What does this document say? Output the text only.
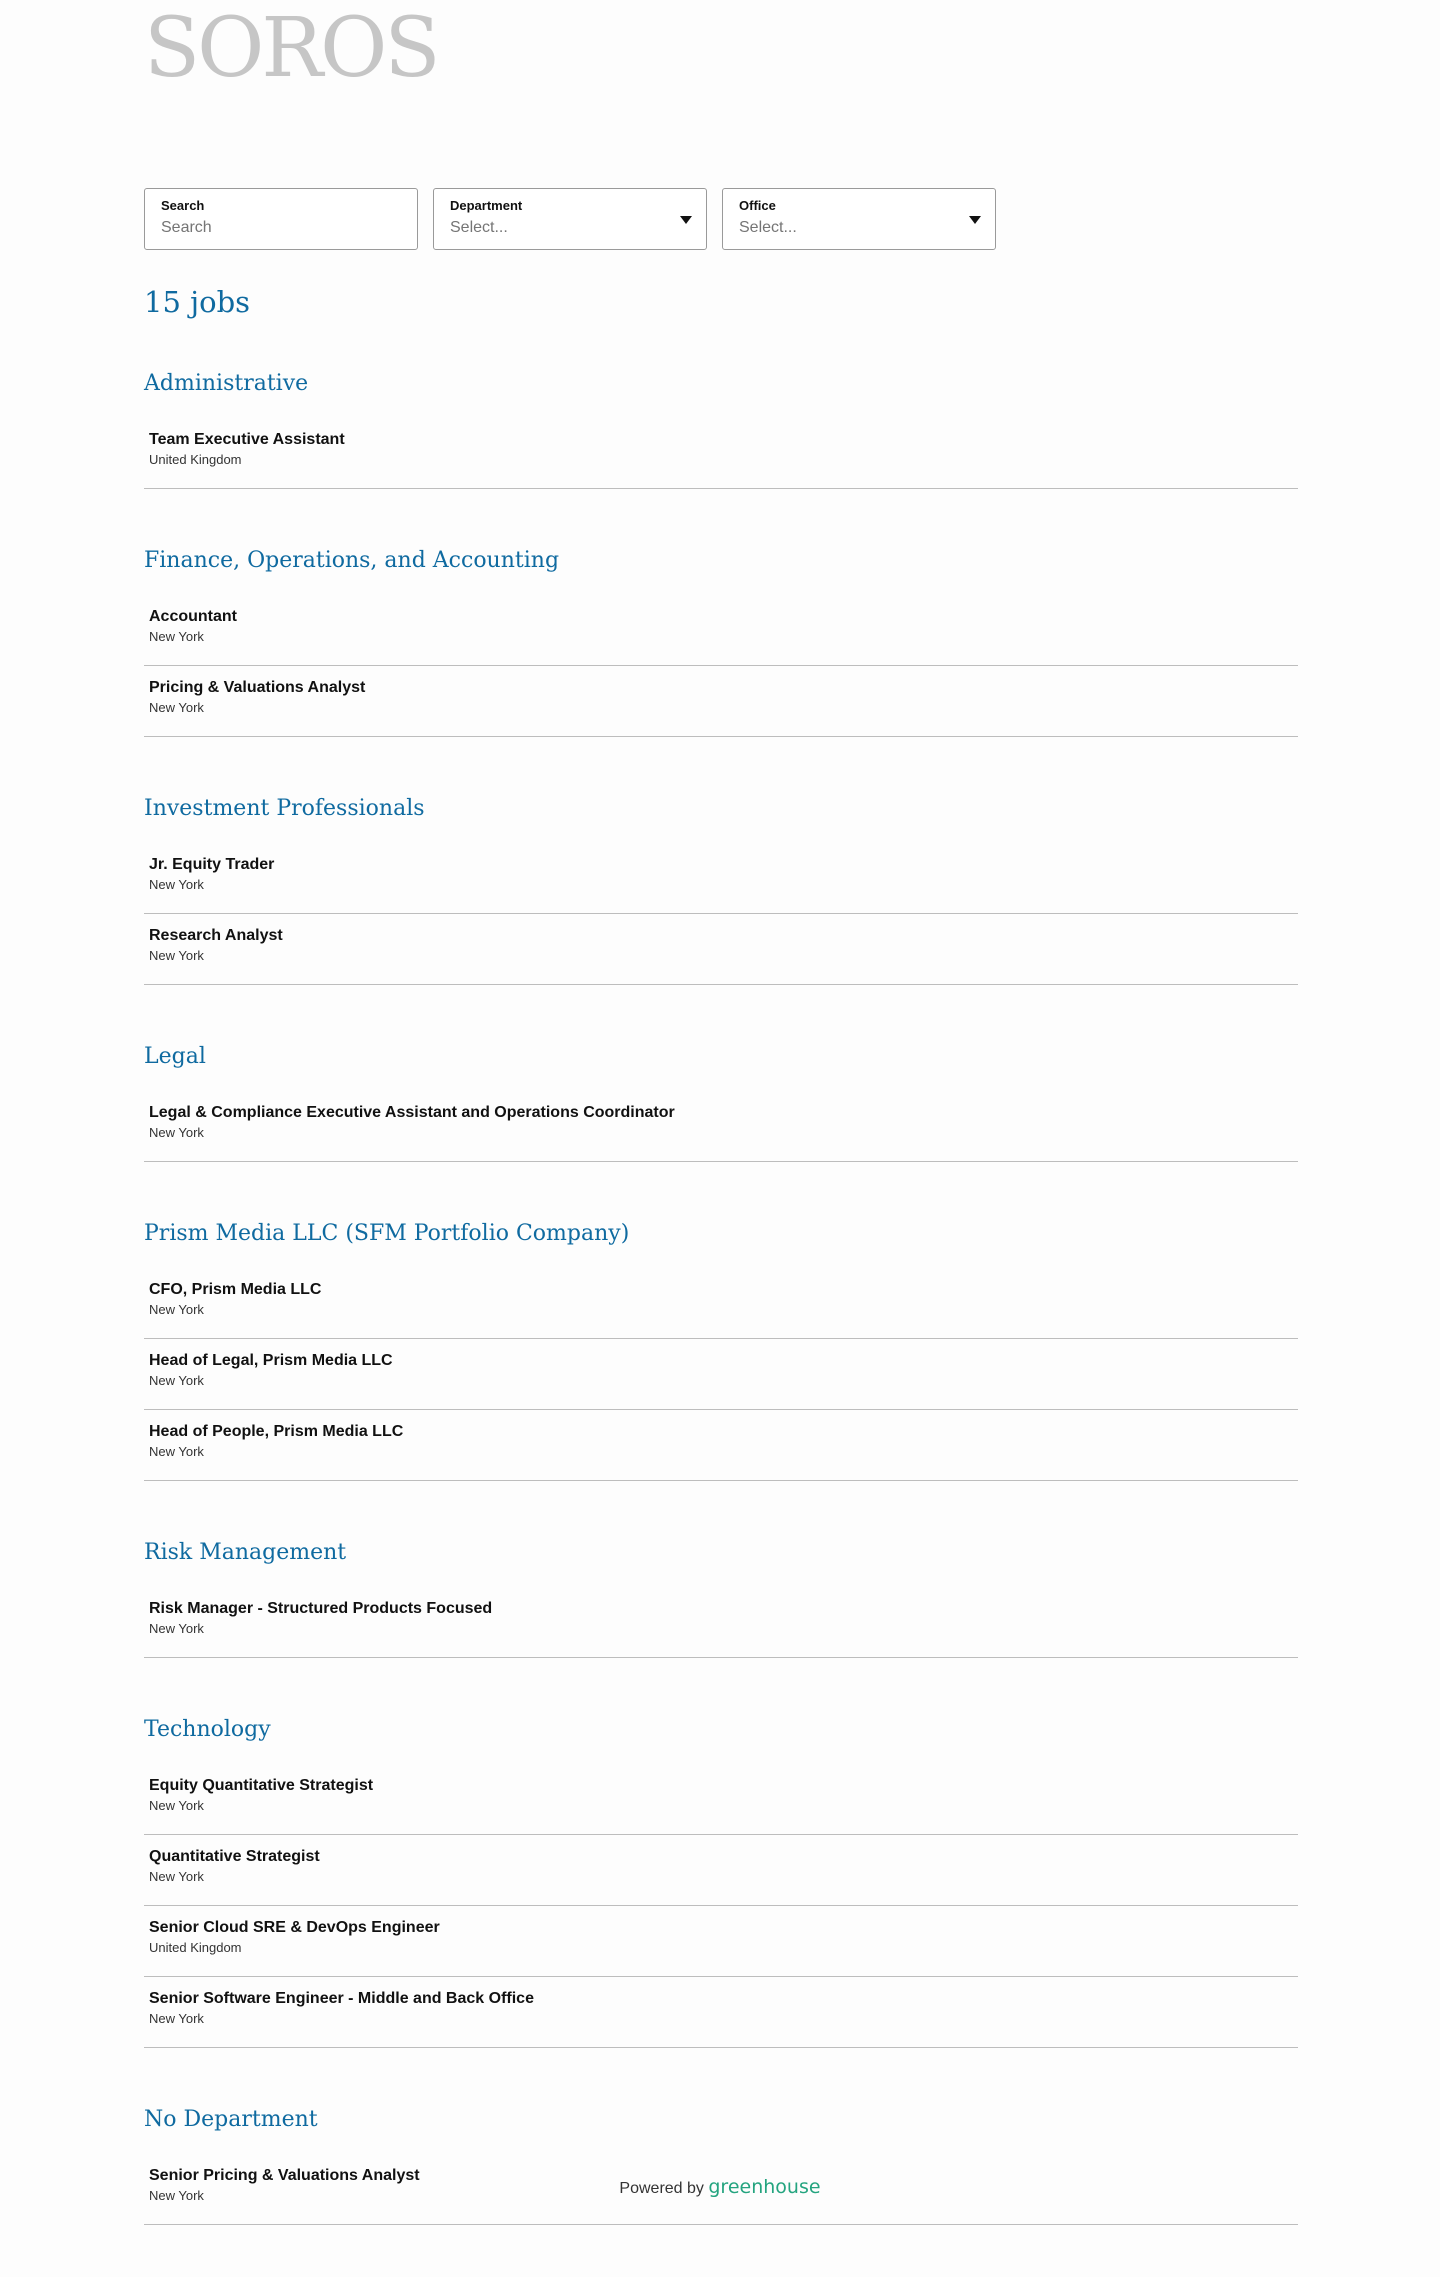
SOROS
Search
Search
Department
Select...
Office
Select...
15 jobs
Administrative
Team Executive Assistant
United Kingdom
Finance, Operations, and Accounting
Accountant
New York
Pricing & Valuations Analyst
New York
Investment Professionals
Jr. Equity Trader
New York
Research Analyst
New York
Legal
Legal & Compliance Executive Assistant and Operations Coordinator
New York
Prism Media LLC (SFM Portfolio Company)
CFO, Prism Media LLC
New York
Head of Legal, Prism Media LLC
New York
Head of People, Prism Media LLC
New York
Risk Management
Risk Manager - Structured Products Focused
New York
Technology
Equity Quantitative Strategist
New York
Quantitative Strategist
New York
Senior Cloud SRE & DevOps Engineer
United Kingdom
Senior Software Engineer - Middle and Back Office
New York
No Department
Senior Pricing & Valuations Analyst
New York	Powered by greenhouse
